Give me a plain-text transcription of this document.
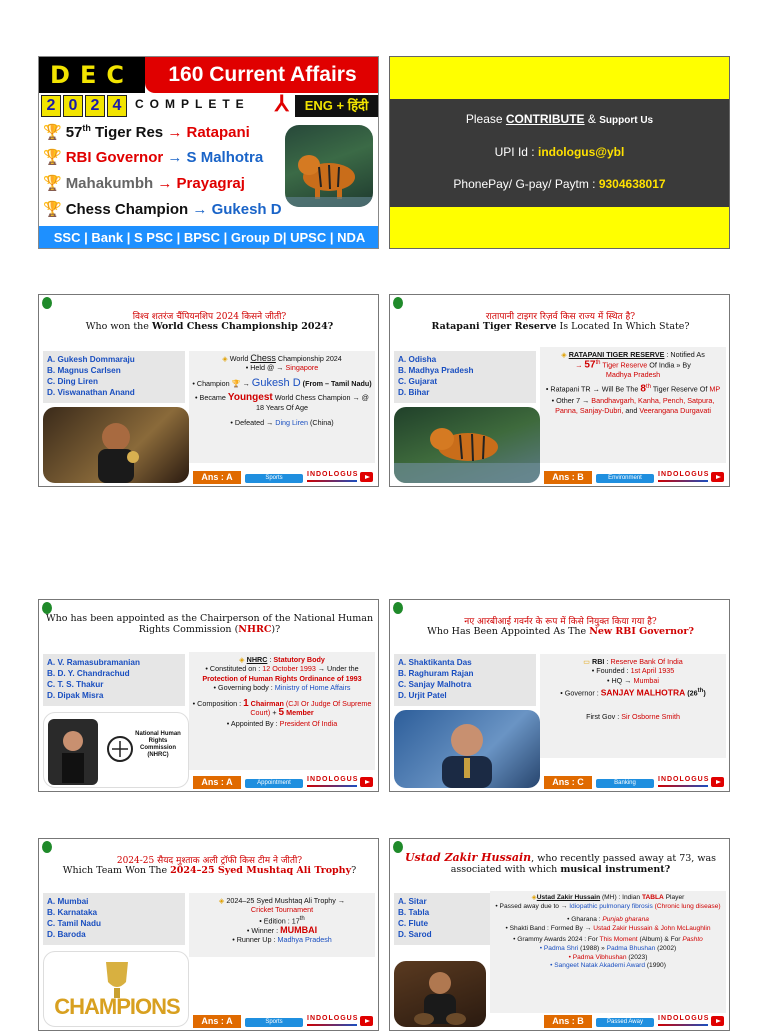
DEC	160 Current Affairs
2 0 2 4	COMPLETE ⅄	ENG + हिंदी
🏆 57th Tiger Res → Ratapani
🏆 RBI Governor → S Malhotra
🏆 Mahakumbh → Prayagraj
🏆 Chess Champion → Gukesh D
SSC | Bank | S PSC | BPSC | Group D| UPSC | NDA
Please CONTRIBUTE & Support Us
UPI Id : indologus@ybl
PhonePay/ G-pay/ Paytm : 9304638017
विश्व शतरंज चैंपियनशिप 2024 किसने जीती?
Who won the World Chess Championship 2024?
A. Gukesh Dommaraju
B. Magnus Carlsen
C. Ding Liren
D. Viswanathan Anand
◈ World Chess Championship 2024
• Held @ → Singapore
• Champion 🏆 → Gukesh D (From – Tamil Nadu)
• Became Youngest World Chess Champion → @ 18 Years Of Age
• Defeated → Ding Liren (China)
Ans : A	Sports	INDOLOGUS
रातापानी टाइगर रिज़र्व किस राज्य में स्थित है?
Ratapani Tiger Reserve Is Located In Which State?
A. Odisha
B. Madhya Pradesh
C. Gujarat
D. Bihar
◈ RATAPANI TIGER RESERVE : Notified As
→ 57th Tiger Reserve Of India » By
Madhya Pradesh
• Ratapani TR → Will Be The 8th Tiger Reserve Of MP
• Other 7 → Bandhavgarh, Kanha, Pench, Satpura, Panna, Sanjay-Dubri, and Veerangana Durgavati
Ans : B	Environment	INDOLOGUS
Who has been appointed as the Chairperson of the National Human Rights Commission (NHRC)?
A. V. Ramasubramanian
B. D. Y. Chandrachud
C. T. S. Thakur
D. Dipak Misra
◈ NHRC : Statutory Body
• Constituted on : 12 October 1993 → Under the Protection of Human Rights Ordinance of 1993
• Governing body : Ministry of Home Affairs
• Composition : 1 Chairman (CJI Or Judge Of Supreme Court) + 5 Member
• Appointed By : President Of India
National Human Rights Commission (NHRC)
Ans : A	Appointment	INDOLOGUS
नए आरबीआई गवर्नर के रूप में किसे नियुक्त किया गया है?
Who Has Been Appointed As The New RBI Governor?
A. Shaktikanta Das
B. Raghuram Rajan
C. Sanjay Malhotra
D. Urjit Patel
▭ RBI : Reserve Bank Of India
• Founded : 1st April 1935
• HQ → Mumbai
• Governor : SANJAY MALHOTRA (26th)
First Gov : Sir Osborne Smith
Ans : C	Banking	INDOLOGUS
2024-25 सैयद मुश्ताक अली ट्रॉफी किस टीम ने जीती?
Which Team Won The 2024–25 Syed Mushtaq Ali Trophy?
A. Mumbai
B. Karnataka
C. Tamil Nadu
D. Baroda
◈ 2024–25 Syed Mushtaq Ali Trophy →
Cricket Tournament
• Edition : 17th
• Winner : MUMBAI
• Runner Up : Madhya Pradesh
CHAMPIONS
Ans : A	Sports	INDOLOGUS
Ustad Zakir Hussain, who recently passed away at 73, was associated with which musical instrument?
A. Sitar
B. Tabla
C. Flute
D. Sarod
◈Ustad Zakir Hussain (MH) : Indian TABLA Player
• Passed away due to → Idiopathic pulmonary fibrosis (Chronic lung disease)
• Gharana : Punjab gharana
• Shakti Band : Formed By → Ustad Zakir Hussain & John McLaughlin
• Grammy Awards 2024 : For This Moment (Album) & For Pashto
• Padma Shri (1988) » Padma Bhushan (2002)
• Padma Vibhushan (2023)
• Sangeet Natak Akademi Award (1990)
Ans : B	Passed Away	INDOLOGUS
